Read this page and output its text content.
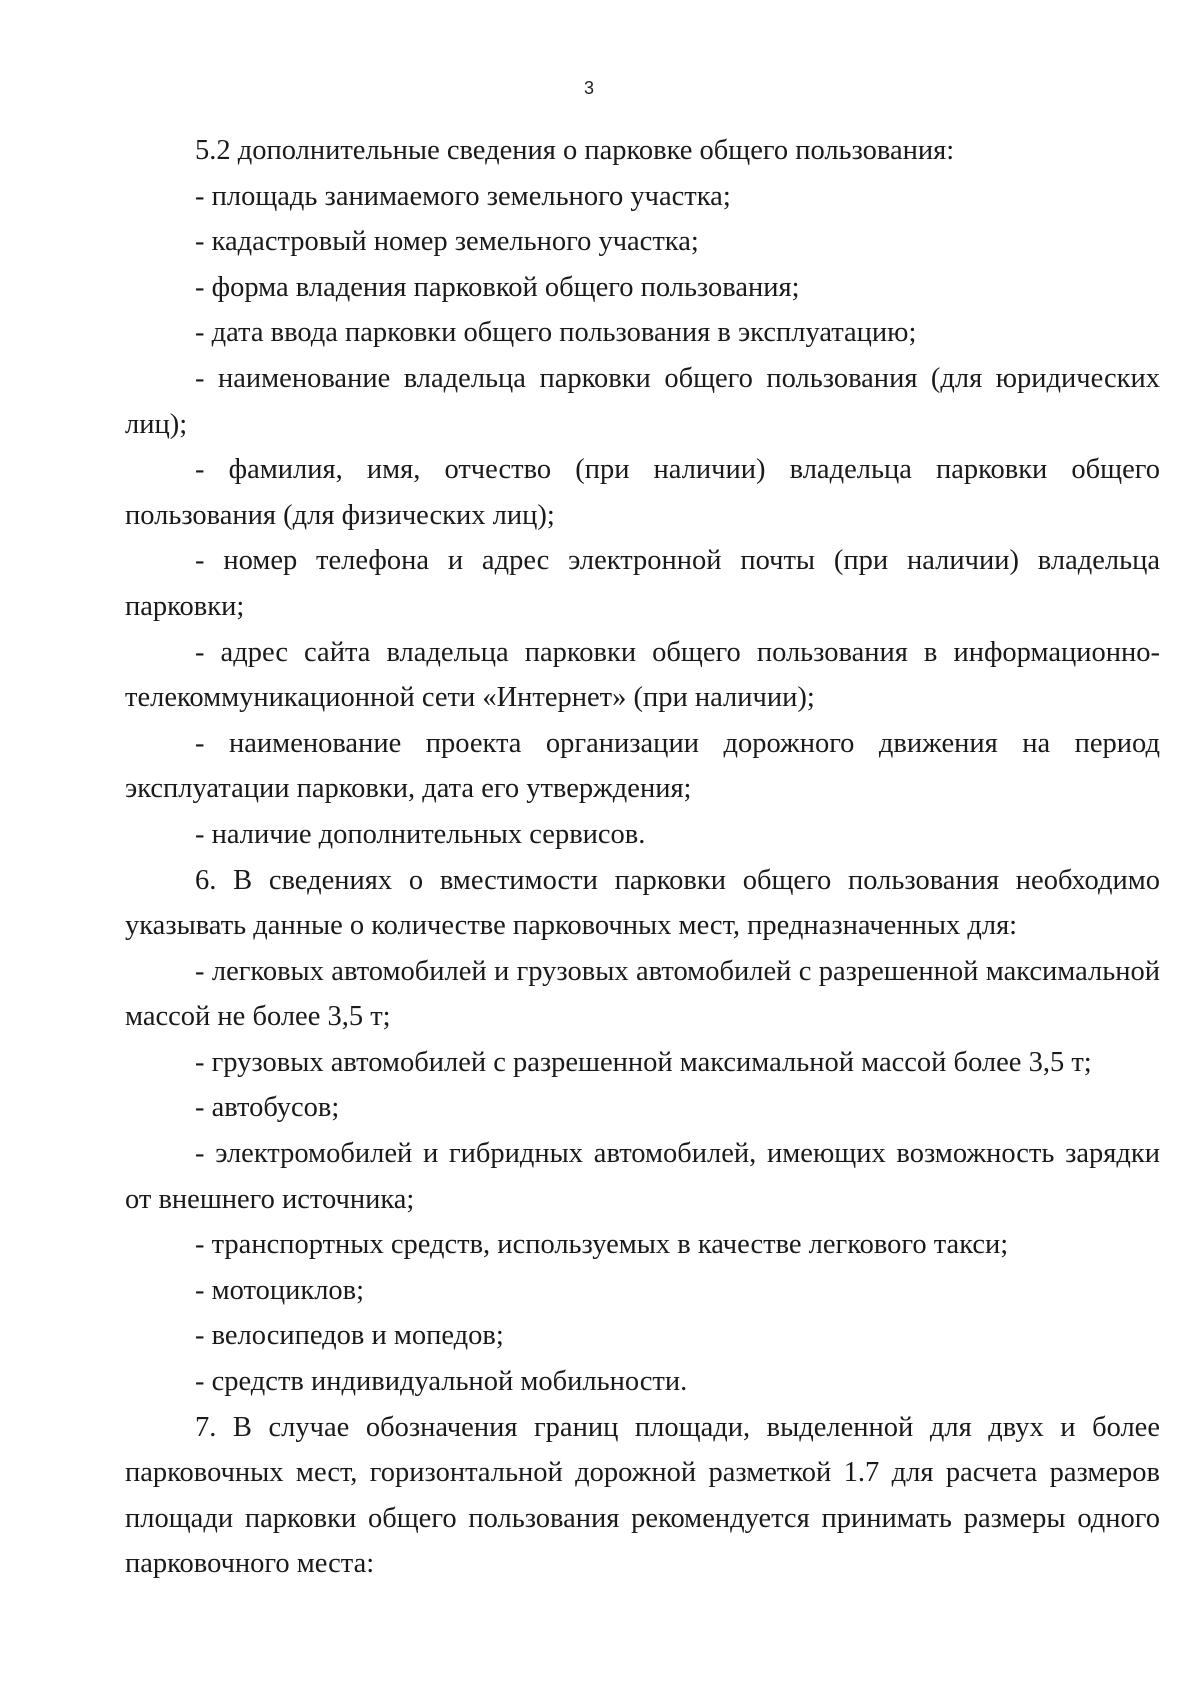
3

5.2 дополнительные сведения о парковке общего пользования:

- площадь занимаемого земельного участка;

- кадастровый номер земельного участка;

- форма владения парковкой общего пользования;

- дата ввода парковки общего пользования в эксплуатацию;

- наименование владельца парковки общего пользования (для юридических лиц);

- фамилия, имя, отчество (при наличии) владельца парковки общего пользования (для физических лиц);

- номер телефона и адрес электронной почты (при наличии) владельца парковки;

- адрес сайта владельца парковки общего пользования в информационно-телекоммуникационной сети «Интернет» (при наличии);

- наименование проекта организации дорожного движения на период эксплуатации парковки, дата его утверждения;

- наличие дополнительных сервисов.

6. В сведениях о вместимости парковки общего пользования необходимо указывать данные о количестве парковочных мест, предназначенных для:

- легковых автомобилей и грузовых автомобилей с разрешенной максимальной массой не более 3,5 т;

- грузовых автомобилей с разрешенной максимальной массой более 3,5 т;

- автобусов;

- электромобилей и гибридных автомобилей, имеющих возможность зарядки от внешнего источника;

- транспортных средств, используемых в качестве легкового такси;

- мотоциклов;

- велосипедов и мопедов;

- средств индивидуальной мобильности.

7. В случае обозначения границ площади, выделенной для двух и более парковочных мест, горизонтальной дорожной разметкой 1.7 для расчета размеров площади парковки общего пользования рекомендуется принимать размеры одного парковочного места:
